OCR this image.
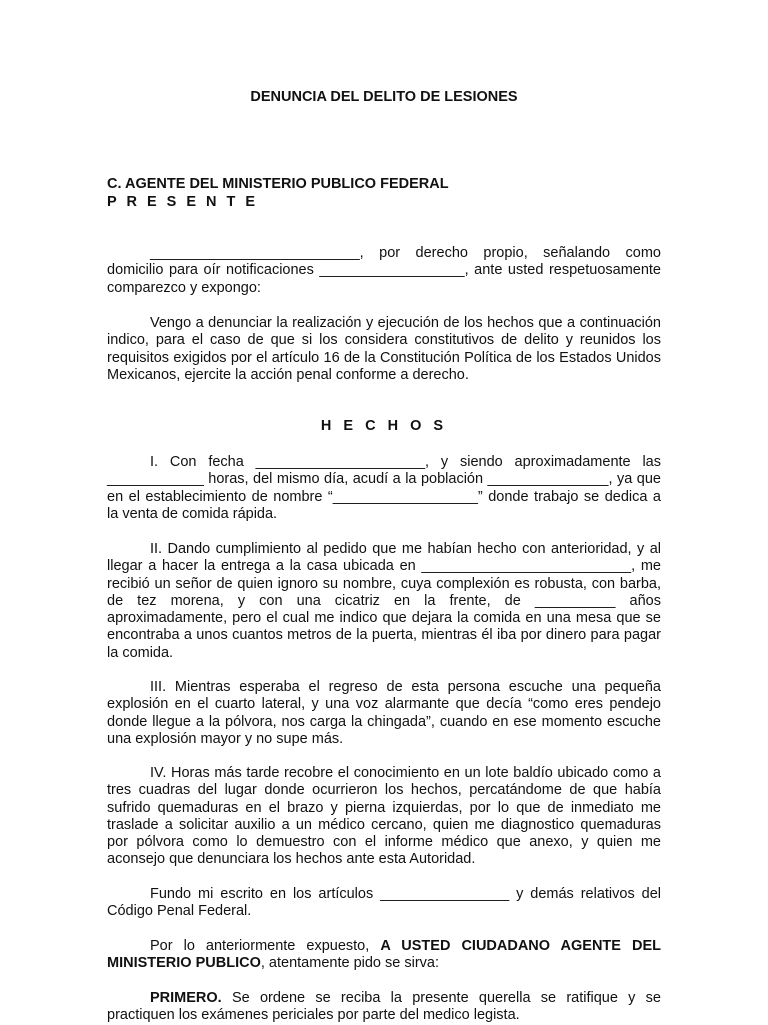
DENUNCIA DEL DELITO DE LESIONES
C. AGENTE DEL MINISTERIO PUBLICO FEDERAL
P R E S E N T E

__________________________, por derecho propio, señalando como domicilio para oír notificaciones __________________, ante usted respetuosamente comparezco y expongo:

Vengo a denunciar la realización y ejecución de los hechos que a continuación indico, para el caso de que si los considera constitutivos de delito y reunidos los requisitos exigidos por el artículo 16 de la Constitución Política de los Estados Unidos Mexicanos, ejercite la acción penal conforme a derecho.

H E C H O S

I. Con fecha _____________________, y siendo aproximadamente las ____________ horas, del mismo día, acudí a la población _______________, ya que en el establecimiento de nombre “__________________” donde trabajo se dedica a la venta de comida rápida.

II. Dando cumplimiento al pedido que me habían hecho con anterioridad, y al llegar a hacer la entrega a la casa ubicada en __________________________, me recibió un señor de quien ignoro su nombre, cuya complexión es robusta, con barba, de tez morena, y con una cicatriz en la frente, de __________ años aproximadamente, pero el cual me indico que dejara la comida en una mesa que se encontraba a unos cuantos metros de la puerta, mientras él iba por dinero para pagar la comida.

III. Mientras esperaba el regreso de esta persona escuche una pequeña explosión en el cuarto lateral, y una voz alarmante que decía “como eres pendejo donde llegue a la pólvora, nos carga la chingada”, cuando en ese momento escuche una explosión mayor y no supe más.

IV. Horas más tarde recobre el conocimiento en un lote baldío ubicado como a tres cuadras del lugar donde ocurrieron los hechos, percatándome de que había sufrido quemaduras en el brazo y pierna izquierdas, por lo que de inmediato me traslade a solicitar auxilio a un médico cercano, quien me diagnostico quemaduras por pólvora como lo demuestro con el informe médico que anexo, y quien me aconsejo que denunciara los hechos ante esta Autoridad.

Fundo mi escrito en los artículos ________________ y demás relativos del Código Penal Federal.

Por lo anteriormente expuesto, A USTED CIUDADANO AGENTE DEL MINISTERIO PUBLICO, atentamente pido se sirva:

PRIMERO. Se ordene se reciba la presente querella se ratifique y se practiquen los exámenes periciales por parte del medico legista.
